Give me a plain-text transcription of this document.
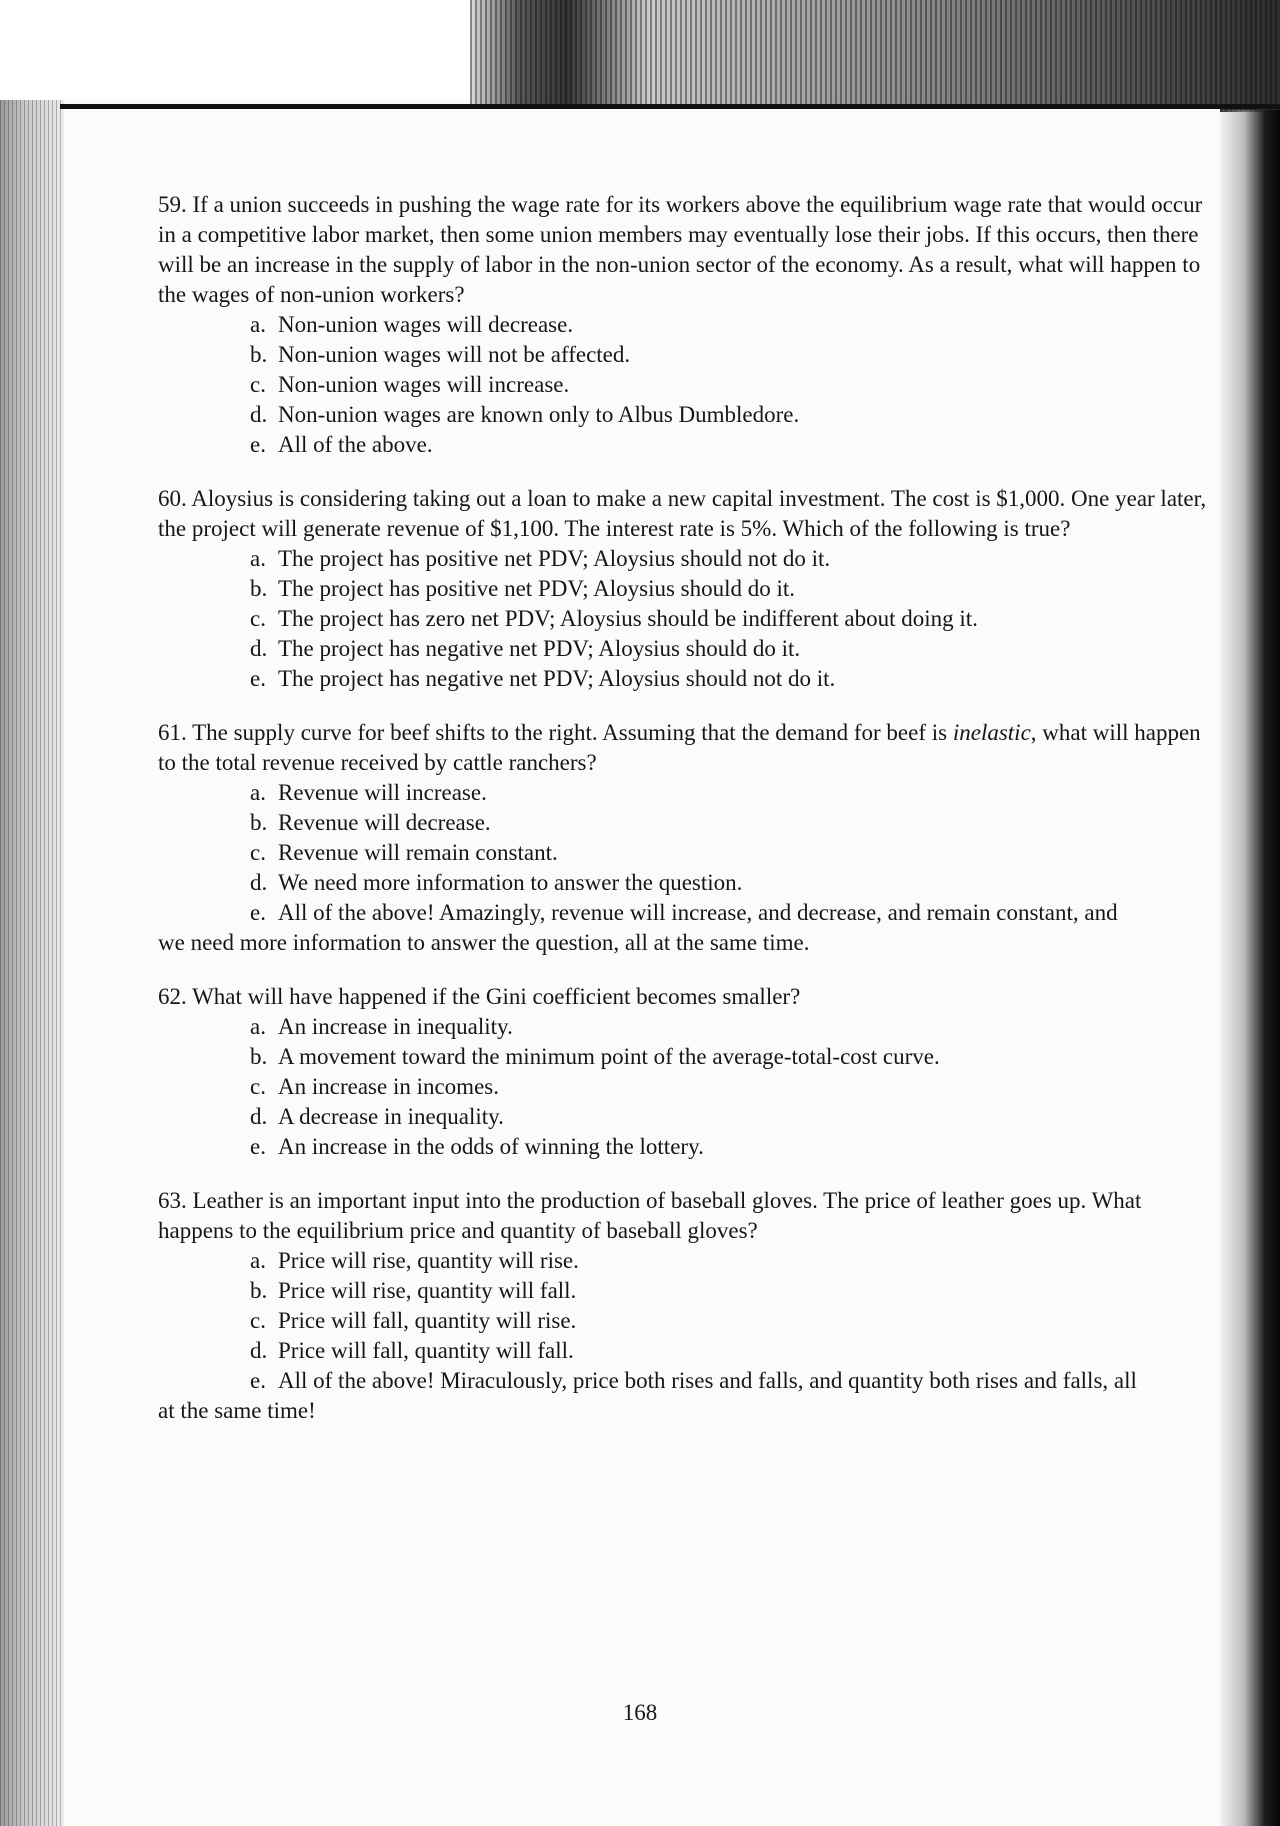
59. If a union succeeds in pushing the wage rate for its workers above the equilibrium wage rate that would occur in a competitive labor market, then some union members may eventually lose their jobs. If this occurs, then there will be an increase in the supply of labor in the non-union sector of the economy. As a result, what will happen to the wages of non-union workers?

a. Non-union wages will decrease.
b. Non-union wages will not be affected.
c. Non-union wages will increase.
d. Non-union wages are known only to Albus Dumbledore.
e. All of the above.

60. Aloysius is considering taking out a loan to make a new capital investment. The cost is $1,000. One year later, the project will generate revenue of $1,100. The interest rate is 5%. Which of the following is true?

a. The project has positive net PDV; Aloysius should not do it.
b. The project has positive net PDV; Aloysius should do it.
c. The project has zero net PDV; Aloysius should be indifferent about doing it.
d. The project has negative net PDV; Aloysius should do it.
e. The project has negative net PDV; Aloysius should not do it.

61. The supply curve for beef shifts to the right. Assuming that the demand for beef is inelastic, what will happen to the total revenue received by cattle ranchers?

a. Revenue will increase.
b. Revenue will decrease.
c. Revenue will remain constant.
d. We need more information to answer the question.
e. All of the above! Amazingly, revenue will increase, and decrease, and remain constant, and
we need more information to answer the question, all at the same time.

62. What will have happened if the Gini coefficient becomes smaller?

a. An increase in inequality.
b. A movement toward the minimum point of the average-total-cost curve.
c. An increase in incomes.
d. A decrease in inequality.
e. An increase in the odds of winning the lottery.

63. Leather is an important input into the production of baseball gloves. The price of leather goes up. What happens to the equilibrium price and quantity of baseball gloves?

a. Price will rise, quantity will rise.
b. Price will rise, quantity will fall.
c. Price will fall, quantity will rise.
d. Price will fall, quantity will fall.
e. All of the above! Miraculously, price both rises and falls, and quantity both rises and falls, all
at the same time!
168
